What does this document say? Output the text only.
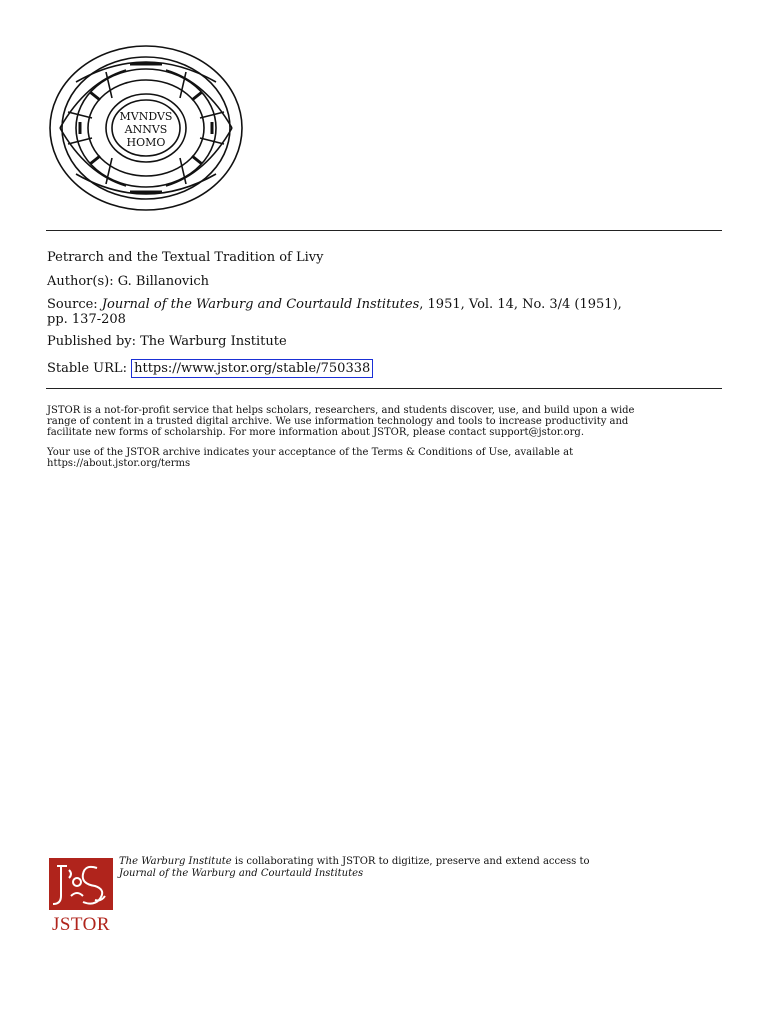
MVNDVS
ANNVS
HOMO
Petrarch and the Textual Tradition of Livy
Author(s): G. Billanovich
Source: Journal of the Warburg and Courtauld Institutes, 1951, Vol. 14, No. 3/4 (1951),
pp. 137-208
Published by: The Warburg Institute
Stable URL: https://www.jstor.org/stable/750338
JSTOR is a not-for-profit service that helps scholars, researchers, and students discover, use, and build upon a wide
range of content in a trusted digital archive. We use information technology and tools to increase productivity and
facilitate new forms of scholarship. For more information about JSTOR, please contact support@jstor.org.
Your use of the JSTOR archive indicates your acceptance of the Terms & Conditions of Use, available at
https://about.jstor.org/terms
JSTOR
The Warburg Institute is collaborating with JSTOR to digitize, preserve and extend access to
Journal of the Warburg and Courtauld Institutes
